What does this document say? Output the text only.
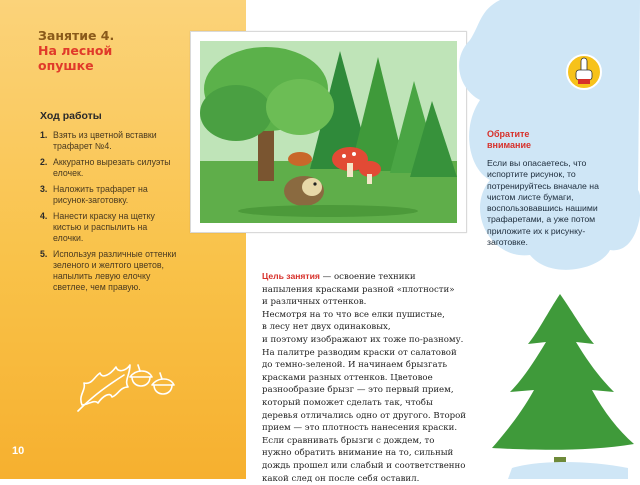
Занятие 4.

На лесной
опушке
Ход работы
1. Взять из цветной вставки
трафарет №4.
2. Аккуратно вырезать силуэты
елочек.
3. Наложить трафарет на
рисунок-заготовку.
4. Нанести краску на щетку
кистью и распылить на
елочки.
5. Используя различные оттенки
зеленого и желтого цветов,
напылить левую елочку
светлее, чем правую.
10
Обратите
внимание
Если вы опасаетесь, что
испортите рисунок, то
потренируйтесь вначале на
чистом листе бумаги,
воспользовавшись нашими
трафаретами, а уже потом
приложите их к рисунку-
заготовке.

Цель занятия — освоение техники

напыления красками разной «плотности»

и различных оттенков.

Несмотря на то что все елки пушистые,

в лесу нет двух одинаковых,

и поэтому изображают их тоже по-разному.

На палитре разводим краски от салатовой

до темно-зеленой. И начинаем брызгать

красками разных оттенков. Цветовое

разнообразие брызг — это первый прием,

который поможет сделать так, чтобы

деревья отличались одно от другого. Второй

прием — это плотность нанесения краски.

Если сравнивать брызги с дождем, то

нужно обратить внимание на то, сильный

дождь прошел или слабый и соответственно

какой след он после себя оставил.
